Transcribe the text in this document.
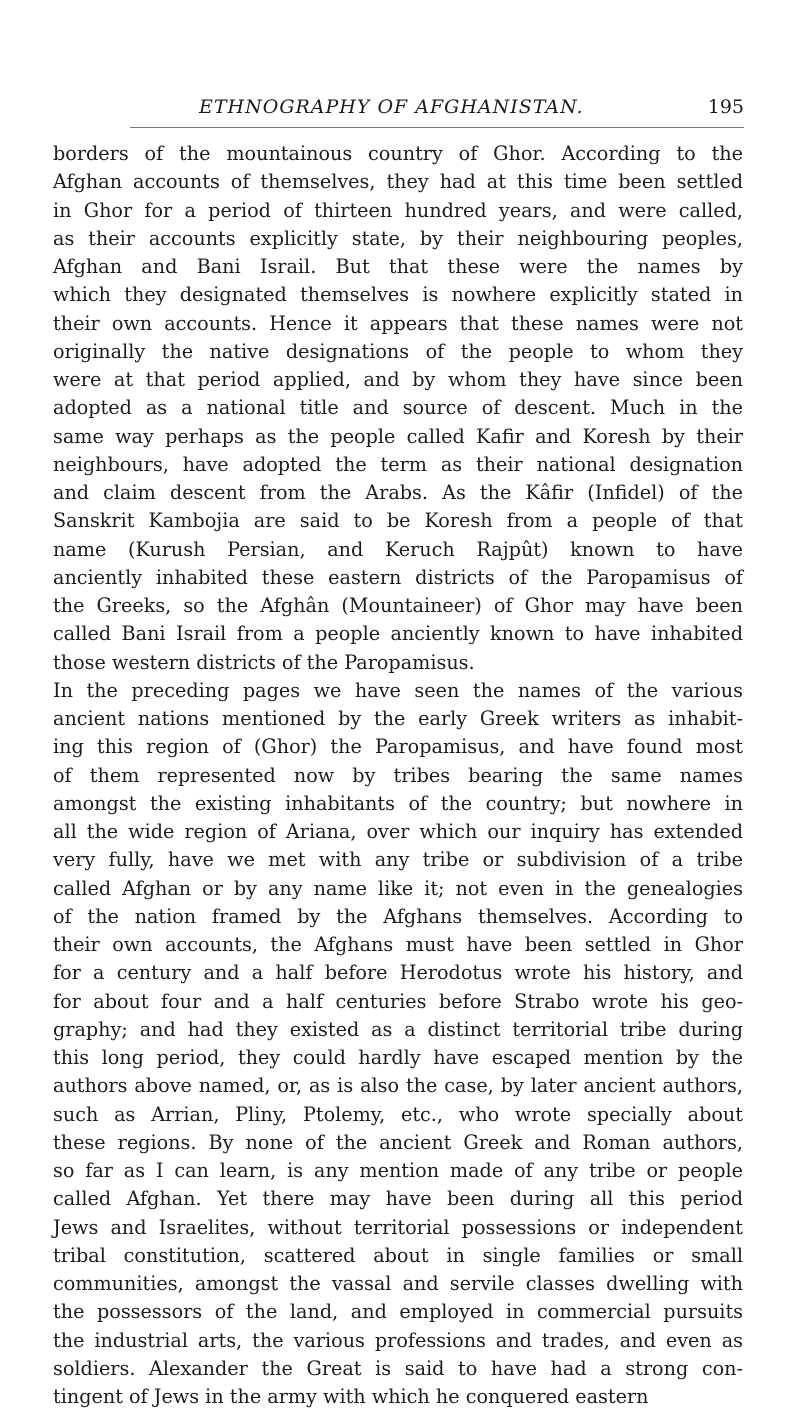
ETHNOGRAPHY OF AFGHANISTAN.	195
borders of the mountainous country of Ghor. According to the
Afghan accounts of themselves, they had at this time been settled
in Ghor for a period of thirteen hundred years, and were called,
as their accounts explicitly state, by their neighbouring peoples,
Afghan and Bani Israil. But that these were the names by
which they designated themselves is nowhere explicitly stated in
their own accounts. Hence it appears that these names were not
originally the native designations of the people to whom they
were at that period applied, and by whom they have since been
adopted as a national title and source of descent. Much in the
same way perhaps as the people called Kafir and Koresh by their
neighbours, have adopted the term as their national designation
and claim descent from the Arabs. As the Kâfir (Infidel) of the
Sanskrit Kambojia are said to be Koresh from a people of that
name (Kurush Persian, and Keruch Rajpût) known to have
anciently inhabited these eastern districts of the Paropamisus of
the Greeks, so the Afghân (Mountaineer) of Ghor may have been
called Bani Israil from a people anciently known to have inhabited
those western districts of the Paropamisus.
In the preceding pages we have seen the names of the various
ancient nations mentioned by the early Greek writers as inhabit-
ing this region of (Ghor) the Paropamisus, and have found most
of them represented now by tribes bearing the same names
amongst the existing inhabitants of the country; but nowhere in
all the wide region of Ariana, over which our inquiry has extended
very fully, have we met with any tribe or subdivision of a tribe
called Afghan or by any name like it; not even in the genealogies
of the nation framed by the Afghans themselves. According to
their own accounts, the Afghans must have been settled in Ghor
for a century and a half before Herodotus wrote his history, and
for about four and a half centuries before Strabo wrote his geo-
graphy; and had they existed as a distinct territorial tribe during
this long period, they could hardly have escaped mention by the
authors above named, or, as is also the case, by later ancient authors,
such as Arrian, Pliny, Ptolemy, etc., who wrote specially about
these regions. By none of the ancient Greek and Roman authors,
so far as I can learn, is any mention made of any tribe or people
called Afghan. Yet there may have been during all this period
Jews and Israelites, without territorial possessions or independent
tribal constitution, scattered about in single families or small
communities, amongst the vassal and servile classes dwelling with
the possessors of the land, and employed in commercial pursuits
the industrial arts, the various professions and trades, and even as
soldiers. Alexander the Great is said to have had a strong con-
tingent of Jews in the army with which he conquered eastern
